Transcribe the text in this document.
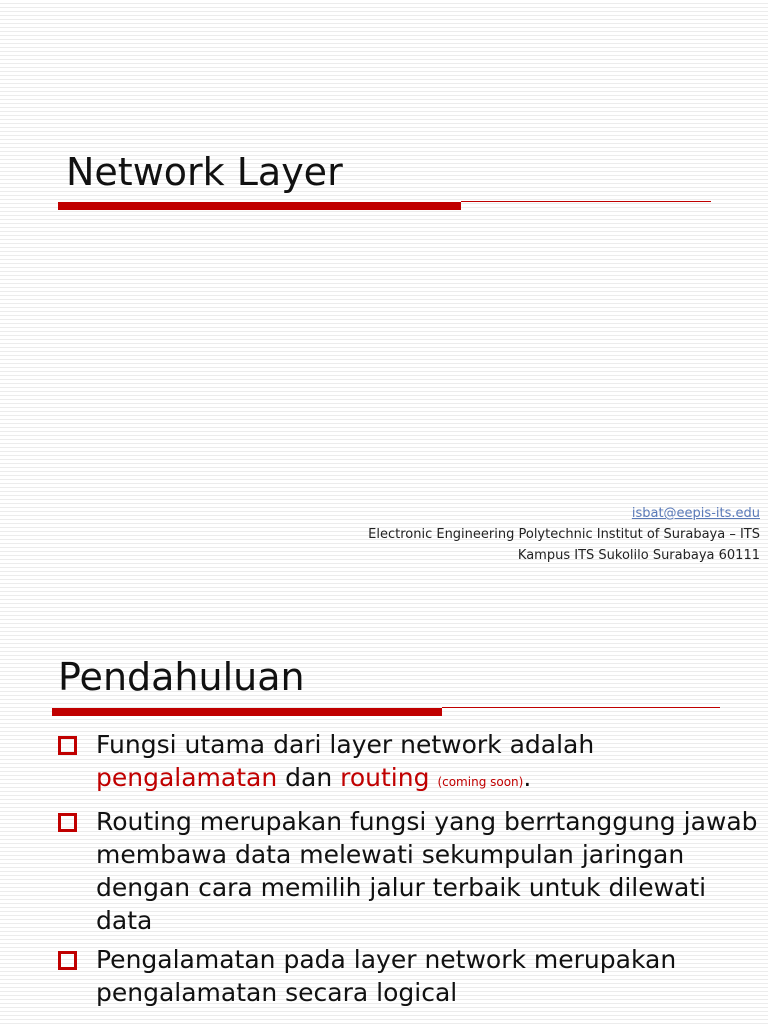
Network Layer
isbat@eepis-its.edu
Electronic Engineering Polytechnic Institut of Surabaya – ITS
Kampus ITS Sukolilo Surabaya 60111
Pendahuluan
Fungsi utama dari layer network adalah pengalamatan dan routing (coming soon).
Routing merupakan fungsi yang berrtanggung jawab membawa data melewati sekumpulan jaringan dengan cara memilih jalur terbaik untuk dilewati data
Pengalamatan pada layer network merupakan pengalamatan secara logical
